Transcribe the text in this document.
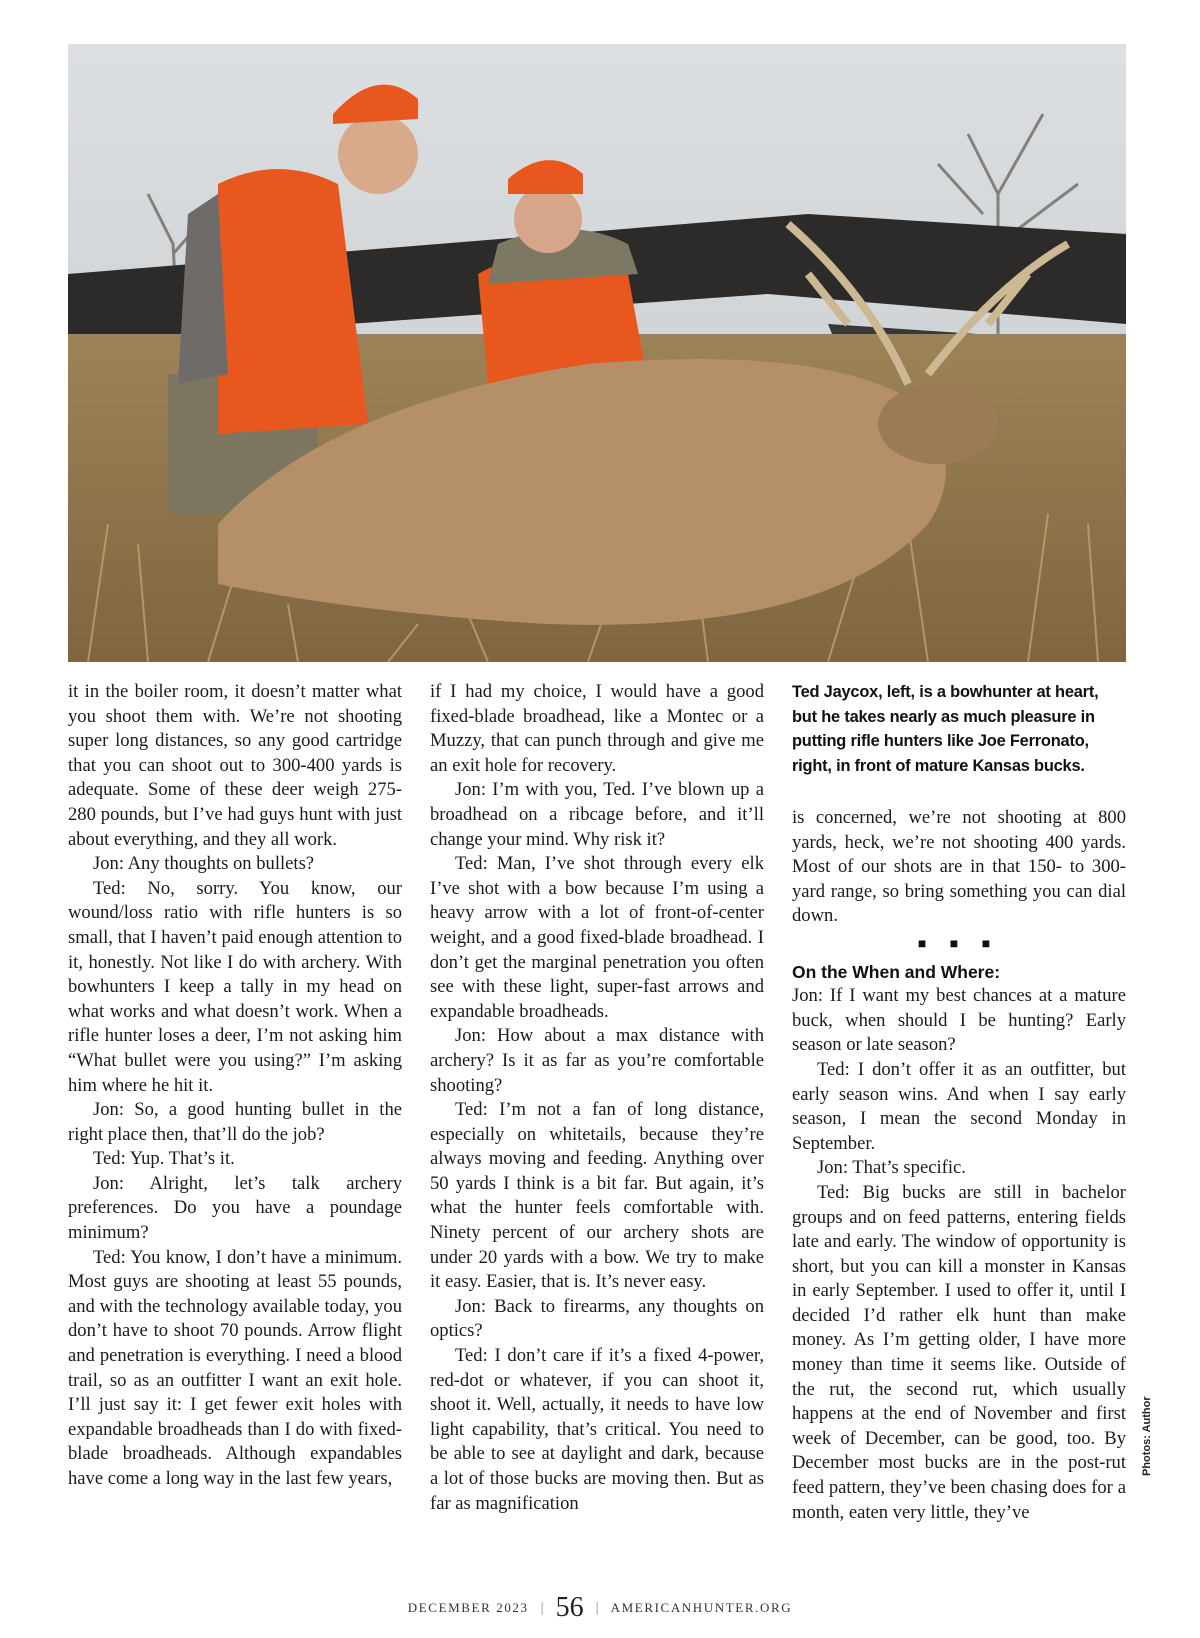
it in the boiler room, it doesn’t matter what you shoot them with. We’re not shooting super long distances, so any good cartridge that you can shoot out to 300-400 yards is adequate. Some of these deer weigh 275-280 pounds, but I’ve had guys hunt with just about everything, and they all work.

Jon: Any thoughts on bullets?

Ted: No, sorry. You know, our wound/loss ratio with rifle hunters is so small, that I haven’t paid enough attention to it, honestly. Not like I do with archery. With bowhunters I keep a tally in my head on what works and what doesn’t work. When a rifle hunter loses a deer, I’m not asking him “What bullet were you using?” I’m asking him where he hit it.

Jon: So, a good hunting bullet in the right place then, that’ll do the job?

Ted: Yup. That’s it.

Jon: Alright, let’s talk archery preferences. Do you have a poundage minimum?

Ted: You know, I don’t have a minimum. Most guys are shooting at least 55 pounds, and with the technology available today, you don’t have to shoot 70 pounds. Arrow flight and penetration is everything. I need a blood trail, so as an outfitter I want an exit hole. I’ll just say it: I get fewer exit holes with expandable broadheads than I do with fixed-blade broadheads. Although expandables have come a long way in the last few years,

if I had my choice, I would have a good fixed-blade broadhead, like a Montec or a Muzzy, that can punch through and give me an exit hole for recovery.

Jon: I’m with you, Ted. I’ve blown up a broadhead on a ribcage before, and it’ll change your mind. Why risk it?

Ted: Man, I’ve shot through every elk I’ve shot with a bow because I’m using a heavy arrow with a lot of front-of-center weight, and a good fixed-blade broadhead. I don’t get the marginal penetration you often see with these light, super-fast arrows and expandable broadheads.

Jon: How about a max distance with archery? Is it as far as you’re comfortable shooting?

Ted: I’m not a fan of long distance, especially on whitetails, because they’re always moving and feeding. Anything over 50 yards I think is a bit far. But again, it’s what the hunter feels comfortable with. Ninety percent of our archery shots are under 20 yards with a bow. We try to make it easy. Easier, that is. It’s never easy.

Jon: Back to firearms, any thoughts on optics?

Ted: I don’t care if it’s a fixed 4-power, red-dot or whatever, if you can shoot it, shoot it. Well, actually, it needs to have low light capability, that’s critical. You need to be able to see at daylight and dark, because a lot of those bucks are moving then. But as far as magnification

Ted Jaycox, left, is a bowhunter at heart, but he takes nearly as much pleasure in putting rifle hunters like Joe Ferronato, right, in front of mature Kansas bucks.

is concerned, we’re not shooting at 800 yards, heck, we’re not shooting 400 yards. Most of our shots are in that 150- to 300-yard range, so bring something you can dial down.

■ ■ ■
On the When and Where:

Jon: If I want my best chances at a mature buck, when should I be hunting? Early season or late season?

Ted: I don’t offer it as an outfitter, but early season wins. And when I say early season, I mean the second Monday in September.

Jon: That’s specific.

Ted: Big bucks are still in bachelor groups and on feed patterns, entering fields late and early. The window of opportunity is short, but you can kill a monster in Kansas in early September. I used to offer it, until I decided I’d rather elk hunt than make money. As I’m getting older, I have more money than time it seems like. Outside of the rut, the second rut, which usually happens at the end of November and first week of December, can be good, too. By December most bucks are in the post-rut feed pattern, they’ve been chasing does for a month, eaten very little, they’ve

Photos: Author
DECEMBER 2023 | 56 | AMERICANHUNTER.ORG
